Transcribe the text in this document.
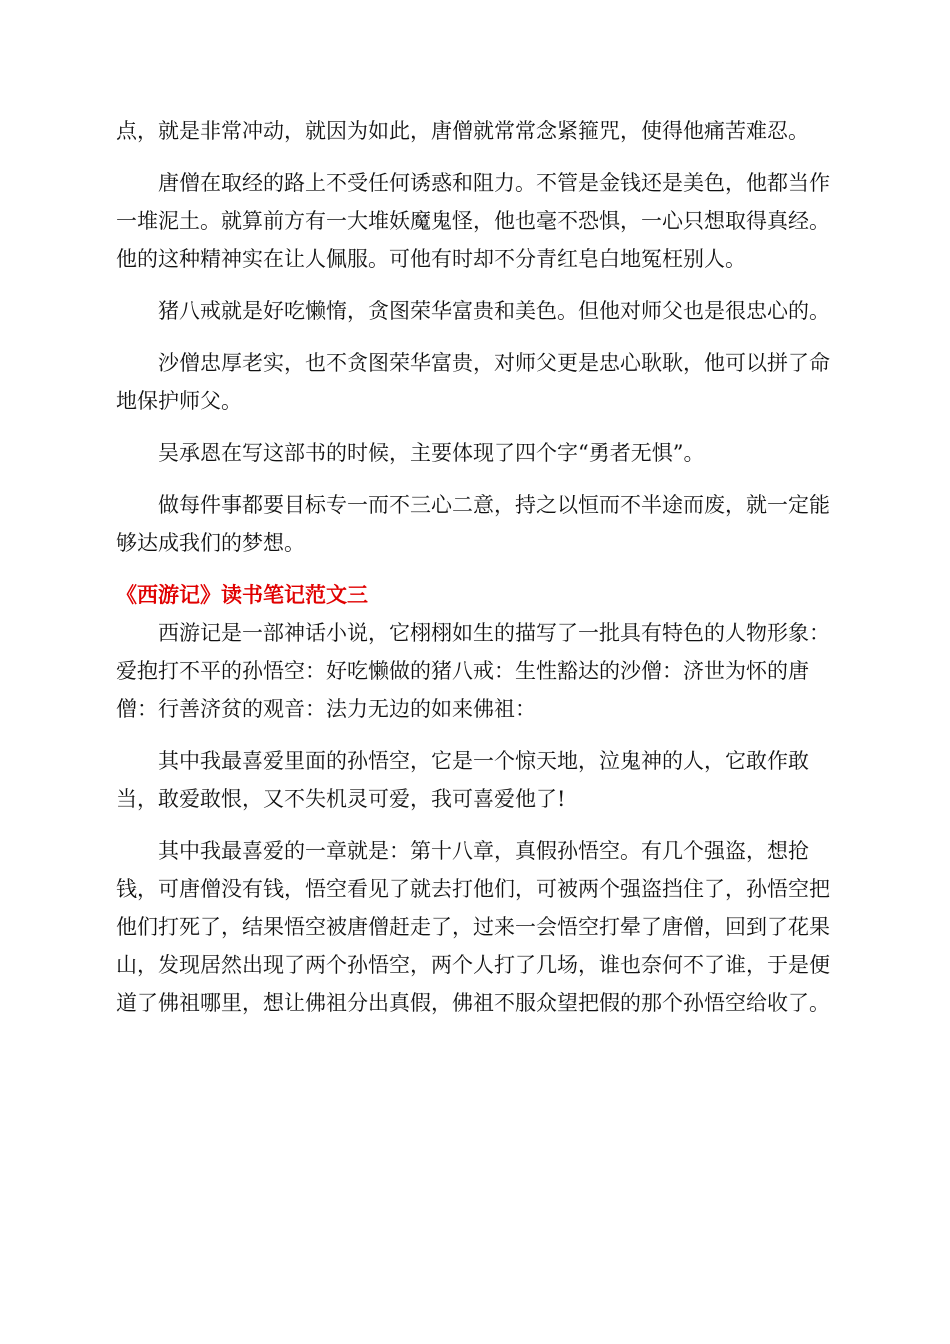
点，就是非常冲动，就因为如此，唐僧就常常念紧箍咒，使得他痛苦难忍。

唐僧在取经的路上不受任何诱惑和阻力。不管是金钱还是美色，他都当作一堆泥土。就算前方有一大堆妖魔鬼怪，他也毫不恐惧，一心只想取得真经。他的这种精神实在让人佩服。可他有时却不分青红皂白地冤枉别人。

猪八戒就是好吃懒惰，贪图荣华富贵和美色。但他对师父也是很忠心的。

沙僧忠厚老实，也不贪图荣华富贵，对师父更是忠心耿耿，他可以拼了命地保护师父。

吴承恩在写这部书的时候，主要体现了四个字“勇者无惧”。

做每件事都要目标专一而不三心二意，持之以恒而不半途而废，就一定能够达成我们的梦想。

《西游记》读书笔记范文三

西游记是一部神话小说，它栩栩如生的描写了一批具有特色的人物形象：爱抱打不平的孙悟空：好吃懒做的猪八戒：生性豁达的沙僧：济世为怀的唐僧：行善济贫的观音：法力无边的如来佛祖：

其中我最喜爱里面的孙悟空，它是一个惊天地，泣鬼神的人，它敢作敢当，敢爱敢恨，又不失机灵可爱，我可喜爱他了!

其中我最喜爱的一章就是：第十八章，真假孙悟空。有几个强盗，想抢钱，可唐僧没有钱，悟空看见了就去打他们，可被两个强盗挡住了，孙悟空把他们打死了，结果悟空被唐僧赶走了，过来一会悟空打晕了唐僧，回到了花果山，发现居然出现了两个孙悟空，两个人打了几场，谁也奈何不了谁，于是便道了佛祖哪里，想让佛祖分出真假，佛祖不服众望把假的那个孙悟空给收了。
